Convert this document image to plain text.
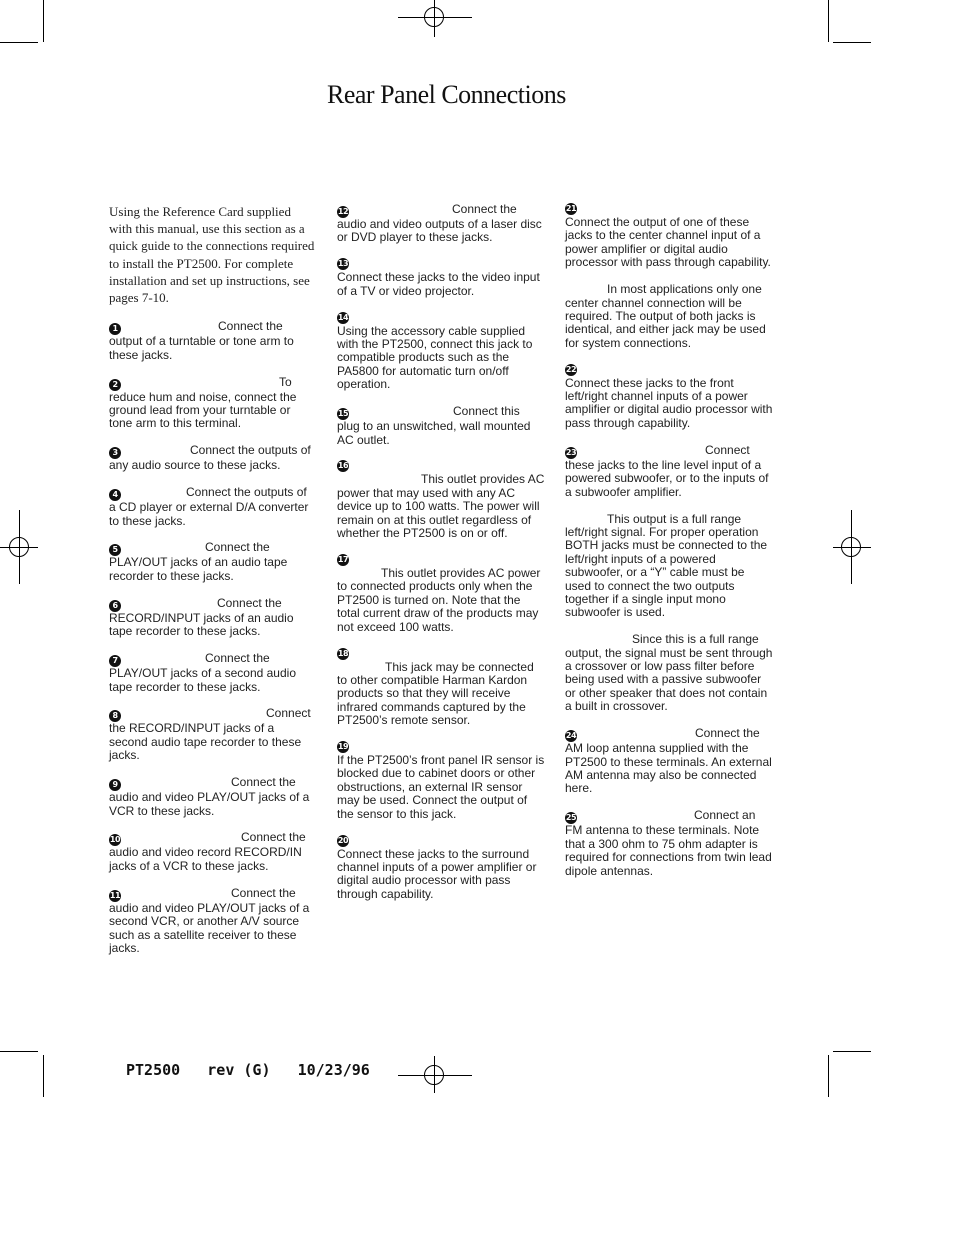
Rear Panel Connections

Using the Reference Card supplied with this manual, use this section as a quick guide to the connections required to install the PT2500. For complete installation and set up instructions, see pages 7-10.

1	Connect the output of a turntable or tone arm to these jacks.
2	To reduce hum and noise, connect the ground lead from your turntable or tone arm to this terminal.
3	Connect the outputs of any audio source to these jacks.
4	Connect the outputs of a CD player or external D/A converter to these jacks.
5	Connect the PLAY/OUT jacks of an audio tape recorder to these jacks.
6	Connect the RECORD/INPUT jacks of an audio tape recorder to these jacks.
7	Connect the PLAY/OUT jacks of a second audio tape recorder to these jacks.
8	Connect the RECORD/INPUT jacks of a second audio tape recorder to these jacks.
9	Connect the audio and video PLAY/OUT jacks of a VCR to these jacks.
10	Connect the audio and video record RECORD/IN jacks of a VCR to these jacks.
11	Connect the audio and video PLAY/OUT jacks of a second VCR, or another A/V source such as a satellite receiver to these jacks.
12	Connect the audio and video outputs of a laser disc or DVD player to these jacks.
13
Connect these jacks to the video input of a TV or video projector.
14
Using the accessory cable supplied with the PT2500, connect this jack to compatible products such as the PA5800 for automatic turn on/off operation.
15	Connect this plug to an unswitched, wall mounted AC outlet.
16
This outlet provides AC power that may used with any AC device up to 100 watts. The power will remain on at this outlet regardless of whether the PT2500 is on or off.
17
This outlet provides AC power to connected products only when the PT2500 is turned on. Note that the total current draw of the products may not exceed 100 watts.
18
This jack may be connected to other compatible Harman Kardon products so that they will receive infrared commands captured by the PT2500’s remote sensor.
19
If the PT2500’s front panel IR sensor is blocked due to cabinet doors or other obstructions, an external IR sensor may be used. Connect the output of the sensor to this jack.
20
Connect these jacks to the surround channel inputs of a power amplifier or digital audio processor with pass through capability.
21
Connect the output of one of these jacks to the center channel input of a power amplifier or digital audio processor with pass through capability.
In most applications only one center channel connection will be required. The output of both jacks is identical, and either jack may be used for system connections.
22
Connect these jacks to the front left/right channel inputs of a power amplifier or digital audio processor with pass through capability.
23	Connect these jacks to the line level input of a powered subwoofer, or to the inputs of a subwoofer amplifier.
This output is a full range left/right signal. For proper operation BOTH jacks must be connected to the left/right inputs of a powered subwoofer, or a “Y” cable must be used to connect the two outputs together if a single input mono subwoofer is used.
Since this is a full range output, the signal must be sent through a crossover or low pass filter before being used with a passive subwoofer or other speaker that does not contain a built in crossover.
24	Connect the AM loop antenna supplied with the PT2500 to these terminals. An external AM antenna may also be connected here.
25	Connect an FM antenna to these terminals. Note that a 300 ohm to 75 ohm adapter is required for connections from twin lead dipole antennas.
PT2500   rev (G)   10/23/96
